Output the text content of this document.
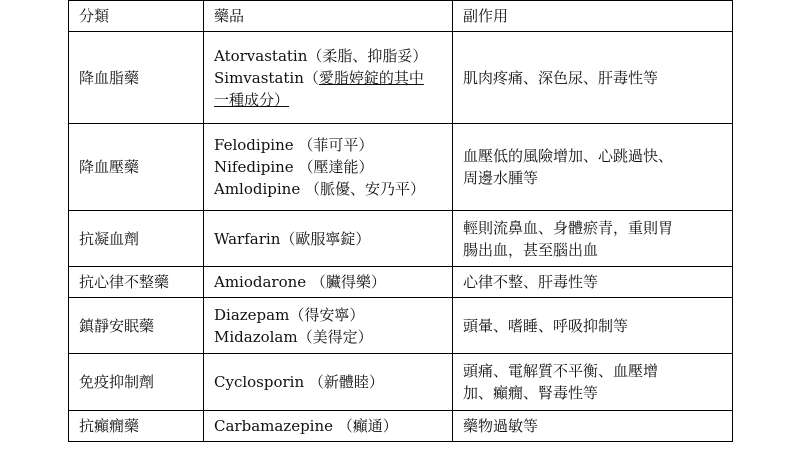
分類	藥品	副作用
降血脂藥	Atorvastatin（柔脂、抑脂妥）
Simvastatin（愛脂婷錠的其中
一種成分）	肌肉疼痛、深色尿、肝毒性等

降血壓藥	Felodipine （菲可平）
Nifedipine （壓達能）
Amlodipine （脈優、安乃平）	血壓低的風險增加、心跳過快、
周邊水腫等

抗凝血劑	Warfarin（歐服寧錠）	輕則流鼻血、身體瘀青，重則胃
腸出血，甚至腦出血

抗心律不整藥	Amiodarone （臟得樂）	心律不整、肝毒性等

鎮靜安眠藥	Diazepam（得安寧）
Midazolam（美得定）	頭暈、嗜睡、呼吸抑制等

免疫抑制劑	Cyclosporin （新體睦）	頭痛、電解質不平衡、血壓增
加、癲癇、腎毒性等

抗癲癇藥	Carbamazepine （癲通）	藥物過敏等
